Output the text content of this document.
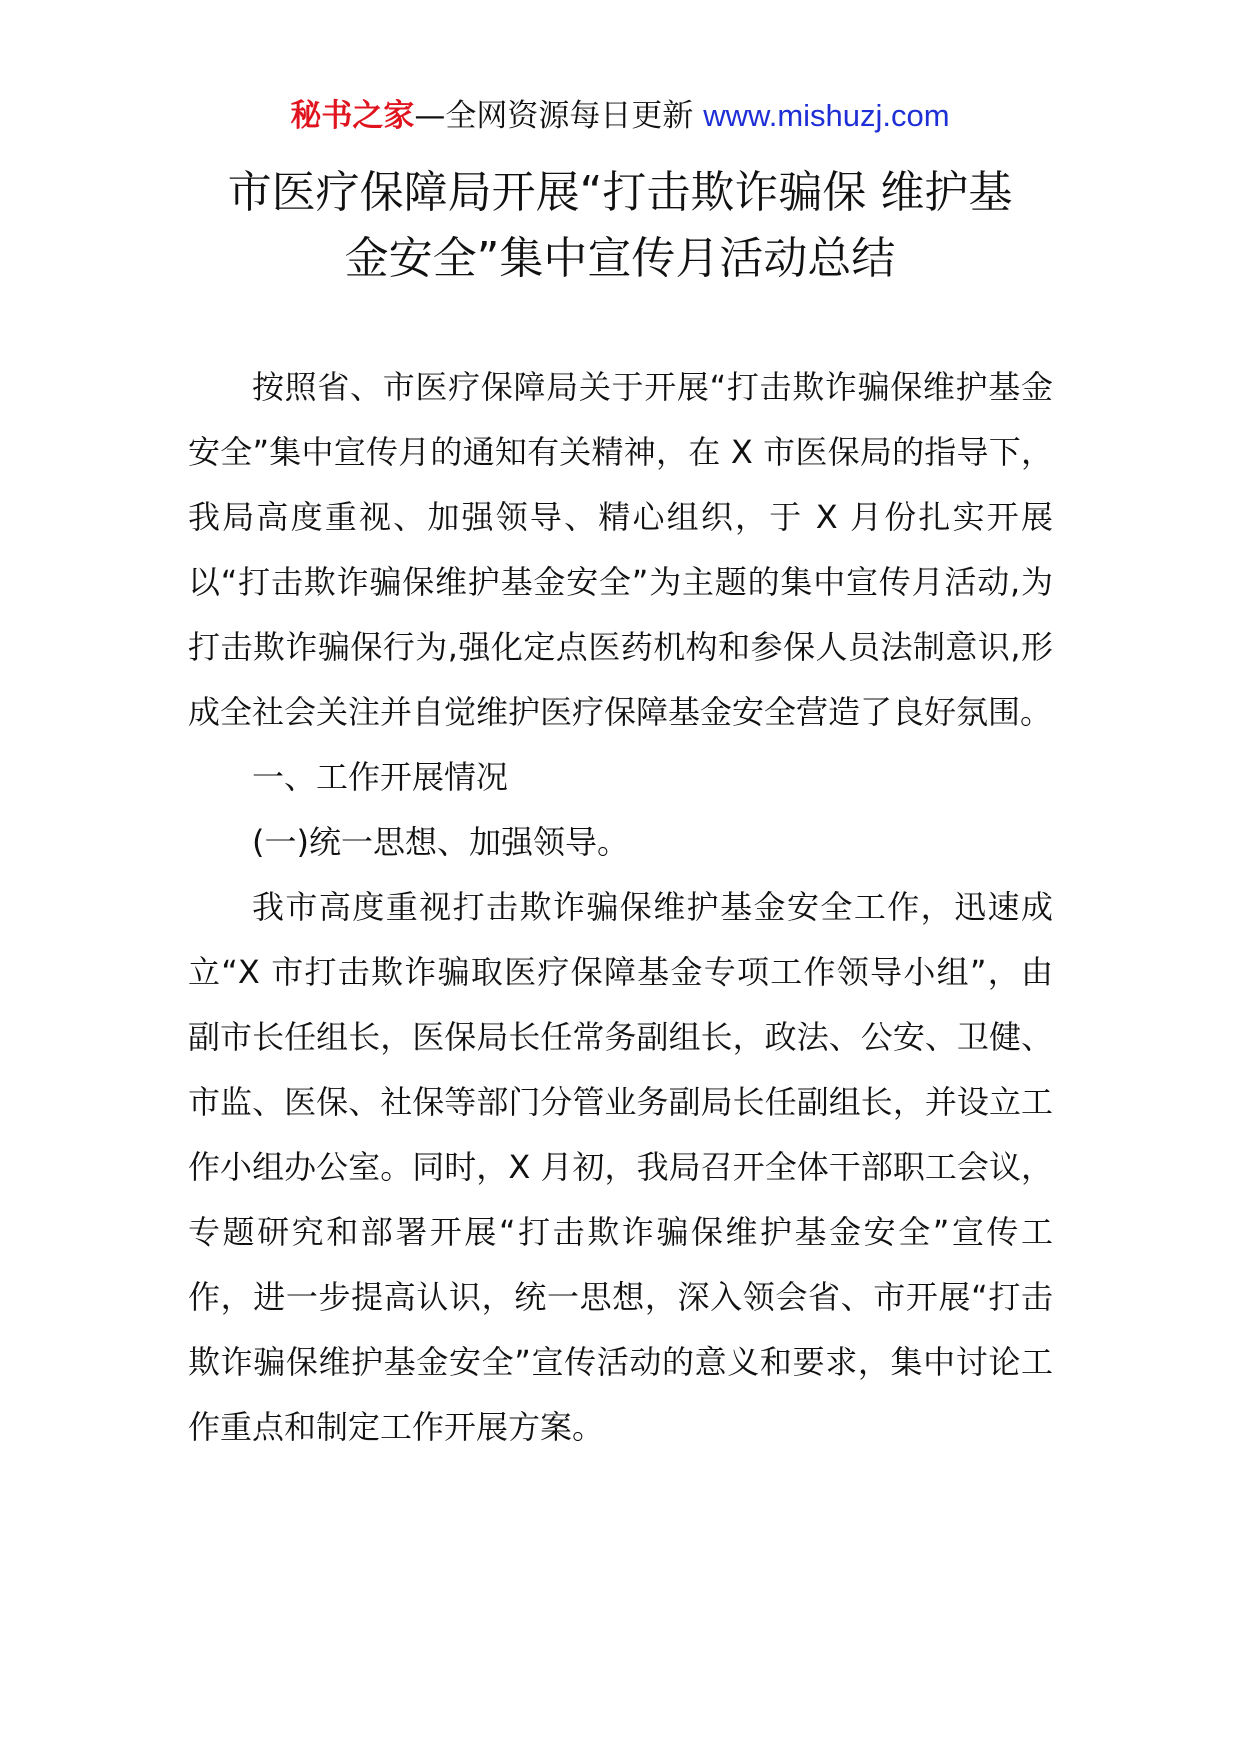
秘书之家—全网资源每日更新 www.mishuzj.com
市医疗保障局开展“打击欺诈骗保 维护基
金安全”集中宣传月活动总结

按照省、市医疗保障局关于开展“打击欺诈骗保维护基金安全”集中宣传月的通知有关精神，在 X 市医保局的指导下，我局高度重视、加强领导、精心组织，于 X 月份扎实开展以“打击欺诈骗保维护基金安全”为主题的集中宣传月活动,为打击欺诈骗保行为,强化定点医药机构和参保人员法制意识,形成全社会关注并自觉维护医疗保障基金安全营造了良好氛围。

一、工作开展情况

(一)统一思想、加强领导。

我市高度重视打击欺诈骗保维护基金安全工作，迅速成立“X 市打击欺诈骗取医疗保障基金专项工作领导小组”，由副市长任组长，医保局长任常务副组长，政法、公安、卫健、市监、医保、社保等部门分管业务副局长任副组长，并设立工作小组办公室。同时，X 月初，我局召开全体干部职工会议，专题研究和部署开展“打击欺诈骗保维护基金安全”宣传工作，进一步提高认识，统一思想，深入领会省、市开展“打击欺诈骗保维护基金安全”宣传活动的意义和要求，集中讨论工作重点和制定工作开展方案。
